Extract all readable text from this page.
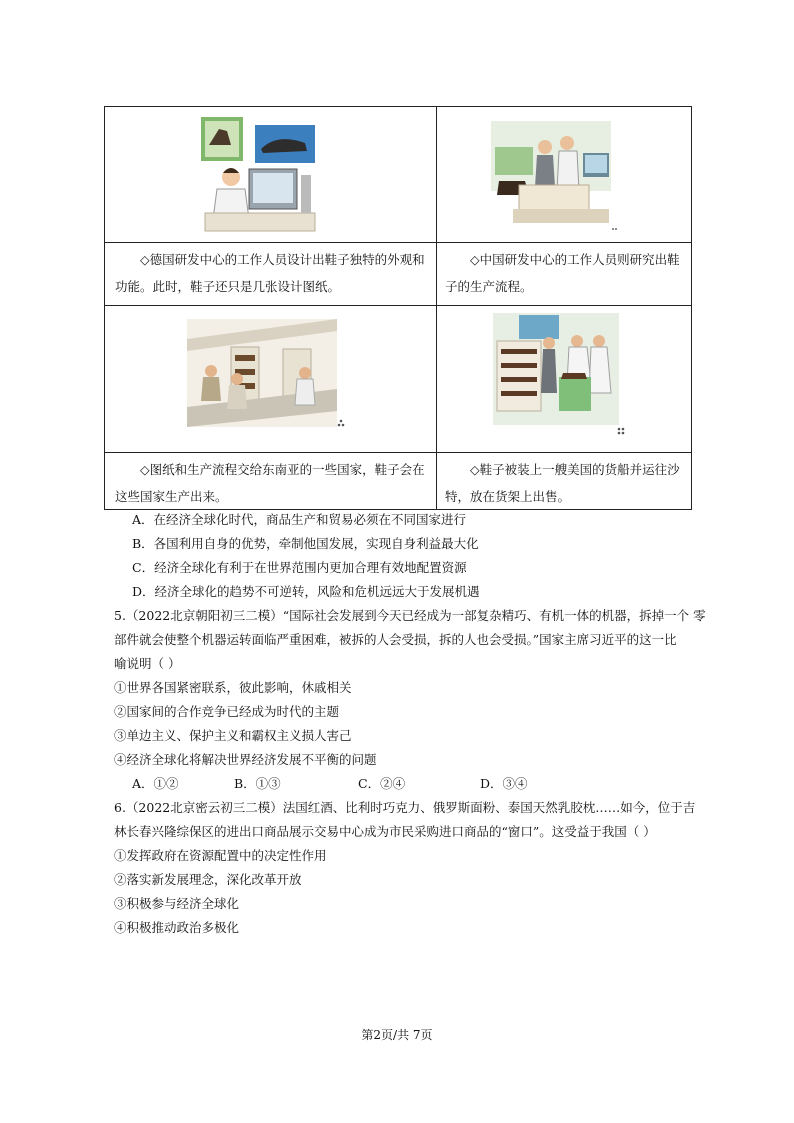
◇德国研发中心的工作人员设计出鞋子独特的外观和功能。此时，鞋子还只是几张设计图纸。
◇中国研发中心的工作人员则研究出鞋子的生产流程。
◇图纸和生产流程交给东南亚的一些国家，鞋子会在这些国家生产出来。
◇鞋子被装上一艘美国的货船并运往沙特，放在货架上出售。
A．在经济全球化时代，商品生产和贸易必须在不同国家进行
B．各国利用自身的优势，牵制他国发展，实现自身利益最大化
C．经济全球化有利于在世界范围内更加合理有效地配置资源
D．经济全球化的趋势不可逆转，风险和危机远远大于发展机遇
5.（2022北京朝阳初三二模）“国际社会发展到今天已经成为一部复杂精巧、有机一体的机器，拆掉一个 零
部件就会使整个机器运转面临严重困难，被拆的人会受损，拆的人也会受损。”国家主席习近平的这一比
喻说明（ ）
①世界各国紧密联系，彼此影响，休戚相关
②国家间的合作竞争已经成为时代的主题
③单边主义、保护主义和霸权主义损人害己
④经济全球化将解决世界经济发展不平衡的问题
A．①②	B．①③	C．②④	D．③④
6.（2022北京密云初三二模）法国红酒、比利时巧克力、俄罗斯面粉、泰国天然乳胶枕……如今，位于吉
林长春兴隆综保区的进出口商品展示交易中心成为市民采购进口商品的“窗口”。这受益于我国（ ）
①发挥政府在资源配置中的决定性作用
②落实新发展理念，深化改革开放
③积极参与经济全球化
④积极推动政治多极化
第2页/共 7页
